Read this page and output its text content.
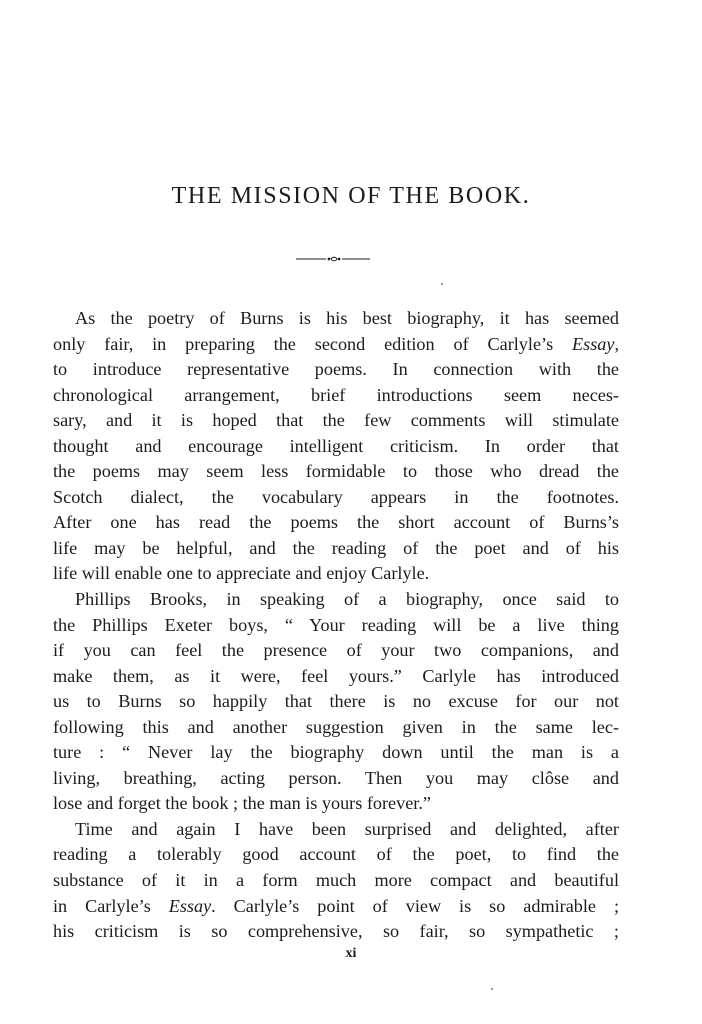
THE MISSION OF THE BOOK.
As the poetry of Burns is his best biography, it has seemed
only fair, in preparing the second edition of Carlyle’s Essay,
to introduce representative poems. In connection with the
chronological arrangement, brief introductions seem neces-
sary, and it is hoped that the few comments will stimulate
thought and encourage intelligent criticism. In order that
the poems may seem less formidable to those who dread the
Scotch dialect, the vocabulary appears in the footnotes.
After one has read the poems the short account of Burns’s
life may be helpful, and the reading of the poet and of his
life will enable one to appreciate and enjoy Carlyle.
Phillips Brooks, in speaking of a biography, once said to
the Phillips Exeter boys, “ Your reading will be a live thing
if you can feel the presence of your two companions, and
make them, as it were, feel yours.” Carlyle has introduced
us to Burns so happily that there is no excuse for our not
following this and another suggestion given in the same lec-
ture : “ Never lay the biography down until the man is a
living, breathing, acting person. Then you may clôse and
lose and forget the book ; the man is yours forever.”
Time and again I have been surprised and delighted, after
reading a tolerably good account of the poet, to find the
substance of it in a form much more compact and beautiful
in Carlyle’s Essay. Carlyle’s point of view is so admirable ;
his criticism is so comprehensive, so fair, so sympathetic ;
xi
